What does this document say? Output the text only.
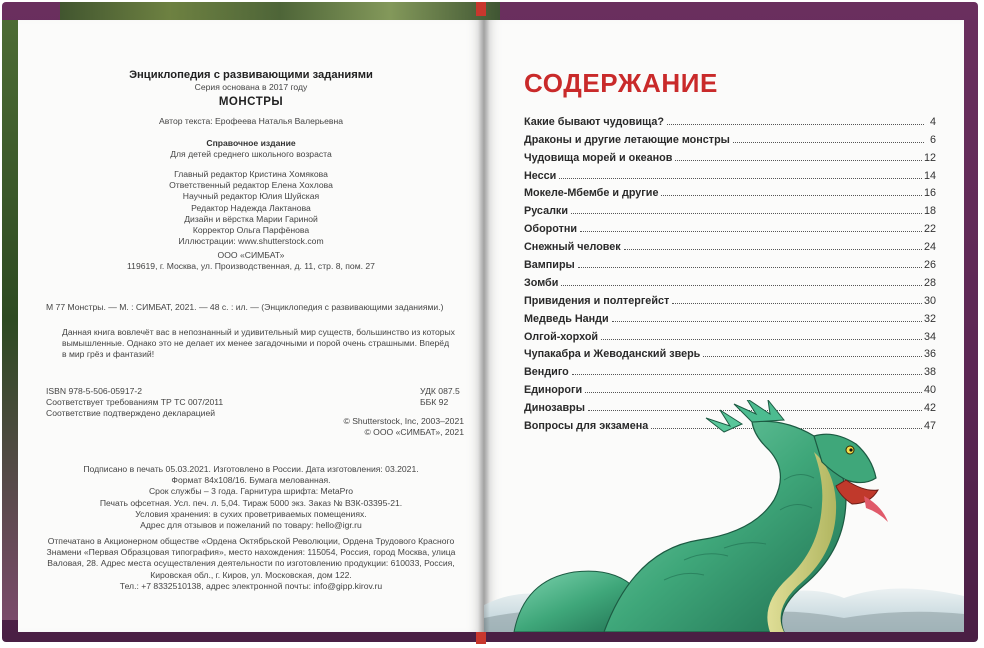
Энциклопедия с развивающими заданиями
Серия основана в 2017 году
МОНСТРЫ
Автор текста: Ерофеева Наталья Валерьевна
Справочное издание
Для детей среднего школьного возраста

Главный редактор Кристина Хомякова

Ответственный редактор Елена Хохлова

Научный редактор Юлия Шуйская

Редактор Надежда Лактанова

Дизайн и вёрстка Марии Гариной

Корректор Ольга Парфёнова

Иллюстрации: www.shutterstock.com

ООО «СИМБАТ»
119619, г. Москва, ул. Производственная, д. 11, стр. 8, пом. 27
М 77 Монстры. — М. : СИМБАТ, 2021. — 48 с. : ил. — (Энциклопедия с развивающими заданиями.)

Данная книга вовлечёт вас в непознанный и удивительный мир существ, большинство из которых

вымышленные. Однако это не делает их менее загадочными и порой очень страшными. Вперёд

в мир грёз и фантазий!

ISBN 978-5-506-05917-2
Соответствует требованиям ТР ТС 007/2011
Соответствие подтверждено декларацией
УДК 087.5
ББК 92
© Shutterstock, Inc, 2003–2021
© ООО «СИМБАТ», 2021

Подписано в печать 05.03.2021. Изготовлено в России. Дата изготовления: 03.2021.

Формат 84х108/16. Бумага мелованная.

Срок службы – 3 года. Гарнитура шрифта: MetaPro

Печать офсетная. Усл. печ. л. 5,04. Тираж 5000 экз. Заказ № ВЗК-03395-21.

Условия хранения: в сухих проветриваемых помещениях.

Адрес для отзывов и пожеланий по товару: hello@igr.ru

Отпечатано в Акционерном обществе «Ордена Октябрьской Революции, Ордена Трудового Красного

Знамени «Первая Образцовая типография», место нахождения: 115054, Россия, город Москва, улица

Валовая, 28. Адрес места осуществления деятельности по изготовлению продукции: 610033, Россия,

Кировская обл., г. Киров, ул. Московская, дом 122.

Тел.: +7 8332510138, адрес электронной почты: info@gipp.kirov.ru

СОДЕРЖАНИЕ
Какие бывают чудовища?	4
Драконы и другие летающие монстры	6
Чудовища морей и океанов	12
Несси	14
Мокеле-Мбембе и другие	16
Русалки	18
Оборотни	22
Снежный человек	24
Вампиры	26
Зомби	28
Привидения и полтергейст	30
Медведь Нанди	32
Олгой-хорхой	34
Чупакабра и Жеводанский зверь	36
Вендиго	38
Единороги	40
Динозавры	42
Вопросы для экзамена	47
